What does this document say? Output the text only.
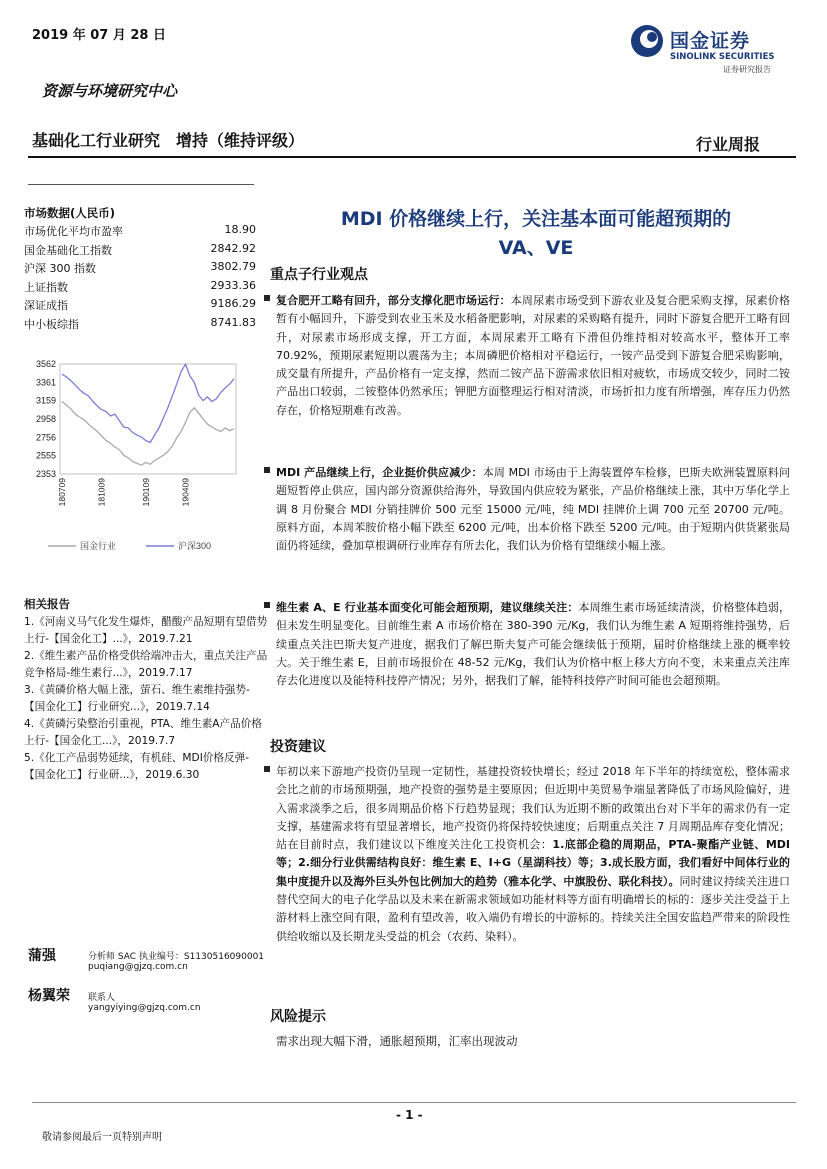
2019 年 07 月 28 日	国金证券
SINOLINK SECURITIES
证券研究报告
资源与环境研究中心
基础化工行业研究　增持（维持评级）	行业周报
市场数据(人民币)
市场优化平均市盈率	18.90
国金基础化工指数	2842.92
沪深 300 指数	3802.79
上证指数	2933.36
深证成指	9186.29
中小板综指	8741.83
3562
3361
3159
2958
2756
2555
2353
180709	181009	190109	190409
国金行业	沪深300
相关报告

1.《河南义马气化发生爆炸，醋酸产品短期有望借势上行-【国金化工】...》，2019.7.21

2.《维生素产品价格受供给端冲击大，重点关注产品竞争格局-维生素行...》，2019.7.17

3.《黄磷价格大幅上涨，萤石、维生素维持强势-【国金化工】行业研究...》，2019.7.14

4.《黄磷污染整治引重视，PTA、维生素A产品价格上行-【国金化工...》，2019.7.7

5.《化工产品弱势延续，有机硅、MDI价格反弹-【国金化工】行业研...》，2019.6.30

蒲强	分析师 SAC 执业编号：S1130516090001
puqiang@gjzq.com.cn
杨翼荣 联系人
yangyiying@gjzq.com.cn
MDI 价格继续上行，关注基本面可能超预期的
VA、VE
重点子行业观点

复合肥开工略有回升，部分支撑化肥市场运行：本周尿素市场受到下游农业及复合肥采购支撑，尿素价格暂有小幅回升，下游受到农业玉米及水稻备肥影响，对尿素的采购略有提升，同时下游复合肥开工略有回升，对尿素市场形成支撑，开工方面，本周尿素开工略有下滑但仍维持相对较高水平，整体开工率 70.92%，预期尿素短期以震荡为主；本周磷肥价格相对平稳运行，一铵产品受到下游复合肥采购影响，成交量有所提升，产品价格有一定支撑，然而二铵产品下游需求依旧相对疲软，市场成交较少，同时二铵产品出口较弱，二铵整体仍然承压；钾肥方面整理运行相对清淡，市场折扣力度有所增强，库存压力仍然存在，价格短期难有改善。

MDI 产品继续上行，企业挺价供应减少：本周 MDI 市场由于上海装置停车检修，巴斯夫欧洲装置原料问题短暂停止供应，国内部分资源供给海外，导致国内供应较为紧张，产品价格继续上涨，其中万华化学上调 8 月份聚合 MDI 分销挂牌价 500 元至 15000 元/吨，纯 MDI 挂牌价上调 700 元至 20700 元/吨。原料方面，本周苯胺价格小幅下跌至 6200 元/吨，出本价格下跌至 5200 元/吨。由于短期内供货紧张局面仍将延续，叠加草根调研行业库存有所去化，我们认为价格有望继续小幅上涨。

维生素 A、E 行业基本面变化可能会超预期，建议继续关注：本周维生素市场延续清淡，价格整体趋弱，但未发生明显变化。目前维生素 A 市场价格在 380-390 元/Kg，我们认为维生素 A 短期将维持强势，后续重点关注巴斯夫复产进度，据我们了解巴斯夫复产可能会继续低于预期，届时价格继续上涨的概率较大。关于维生素 E，目前市场报价在 48-52 元/Kg，我们认为价格中枢上移大方向不变，未来重点关注库存去化进度以及能特科技停产情况；另外，据我们了解，能特科技停产时间可能也会超预期。

投资建议

年初以来下游地产投资仍呈现一定韧性，基建投资较快增长；经过 2018 年下半年的持续宽松，整体需求会比之前的市场预期强，地产投资的强势是主要原因；但近期中美贸易争端显著降低了市场风险偏好，进入需求淡季之后，很多周期品价格下行趋势显现；我们认为近期不断的政策出台对下半年的需求仍有一定支撑，基建需求将有望显著增长，地产投资仍将保持较快速度；后期重点关注 7 月周期品库存变化情况；站在目前时点，我们建议以下维度关注化工投资机会：1.底部企稳的周期品，PTA-聚酯产业链、MDI 等；2.细分行业供需结构良好：维生素 E、I+G（星湖科技）等；3.成长股方面，我们看好中间体行业的集中度提升以及海外巨头外包比例加大的趋势（雅本化学、中旗股份、联化科技）。同时建议持续关注进口替代空间大的电子化学品以及未来在新需求领域如功能材料等方面有明确增长的标的：逐步关注受益于上游材料上涨空间有限，盈利有望改善，收入端仍有增长的中游标的。持续关注全国安监趋严带来的阶段性供给收缩以及长期龙头受益的机会（农药、染料）。

风险提示
需求出现大幅下滑，通胀超预期，汇率出现波动
- 1 -
敬请参阅最后一页特别声明
